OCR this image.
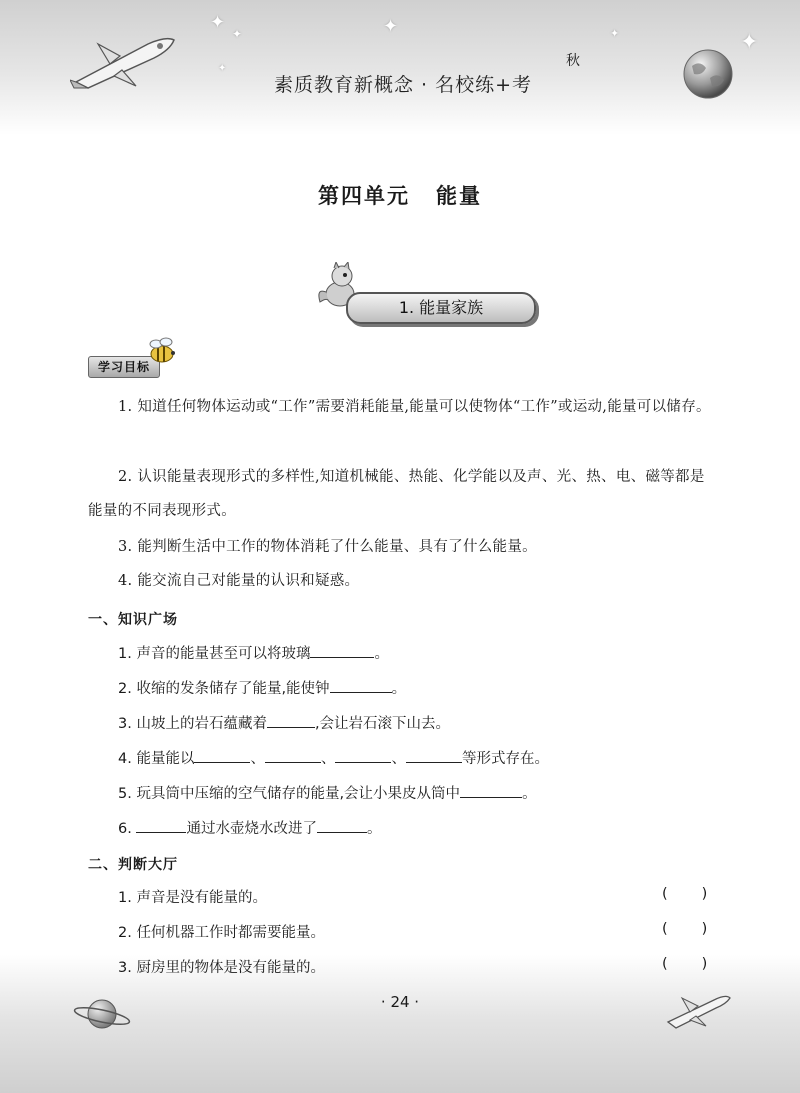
✦	✦
✦	✦
✦
✦
素质教育新概念 · 名校练+考
秋
第四单元 能量
1. 能量家族
学习目标
1. 知道任何物体运动或“工作”需要消耗能量,能量可以使物体“工作”或运动,能量可以储存。
2. 认识能量表现形式的多样性,知道机械能、热能、化学能以及声、光、热、电、磁等都是能量的不同表现形式。
3. 能判断生活中工作的物体消耗了什么能量、具有了什么能量。
4. 能交流自己对能量的认识和疑惑。
一、知识广场
1. 声音的能量甚至可以将玻璃	。
2. 收缩的发条储存了能量,能使钟	。
3. 山坡上的岩石蕴藏着	,会让岩石滚下山去。
4. 能量能以	、	、	、	等形式存在。
5. 玩具筒中压缩的空气储存的能量,会让小果皮从筒中	。
6.	通过水壶烧水改进了	。
二、判断大厅
1. 声音是没有能量的。	( )
2. 任何机器工作时都需要能量。	( )
3. 厨房里的物体是没有能量的。	( )
· 24 ·
